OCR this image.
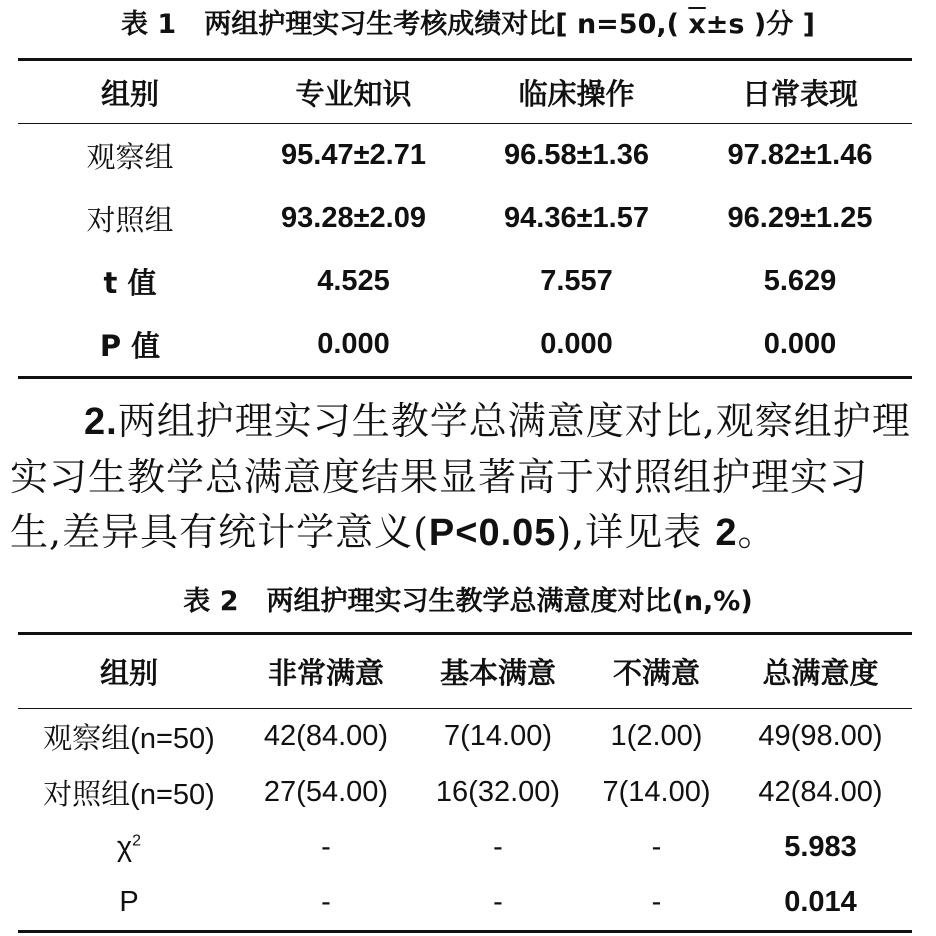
表 1 两组护理实习生考核成绩对比[ n=50,( $\overline{x}\pm s$ )分 ]
组别	专业知识	临床操作	日常表现
观察组	95.47±2.71	96.58±1.36	97.82±1.46
对照组	93.28±2.09	94.36±1.57	96.29±1.25
t 值	4.525	7.557	5.629
P 值	0.000	0.000	0.000
2.两组护理实习生教学总满意度对比,观察组护理
实习生教学总满意度结果显著高于对照组护理实习
生,差异具有统计学意义(P<0.05),详见表 2。
表 2 两组护理实习生教学总满意度对比(n,%)
组别	非常满意	基本满意	不满意	总满意度
观察组(n=50)	42(84.00)	7(14.00)	1(2.00)	49(98.00)
对照组(n=50)	27(54.00)	16(32.00)	7(14.00)	42(84.00)
$\chi^2$	-	-	-	5.983
P	-	-	-	0.014
